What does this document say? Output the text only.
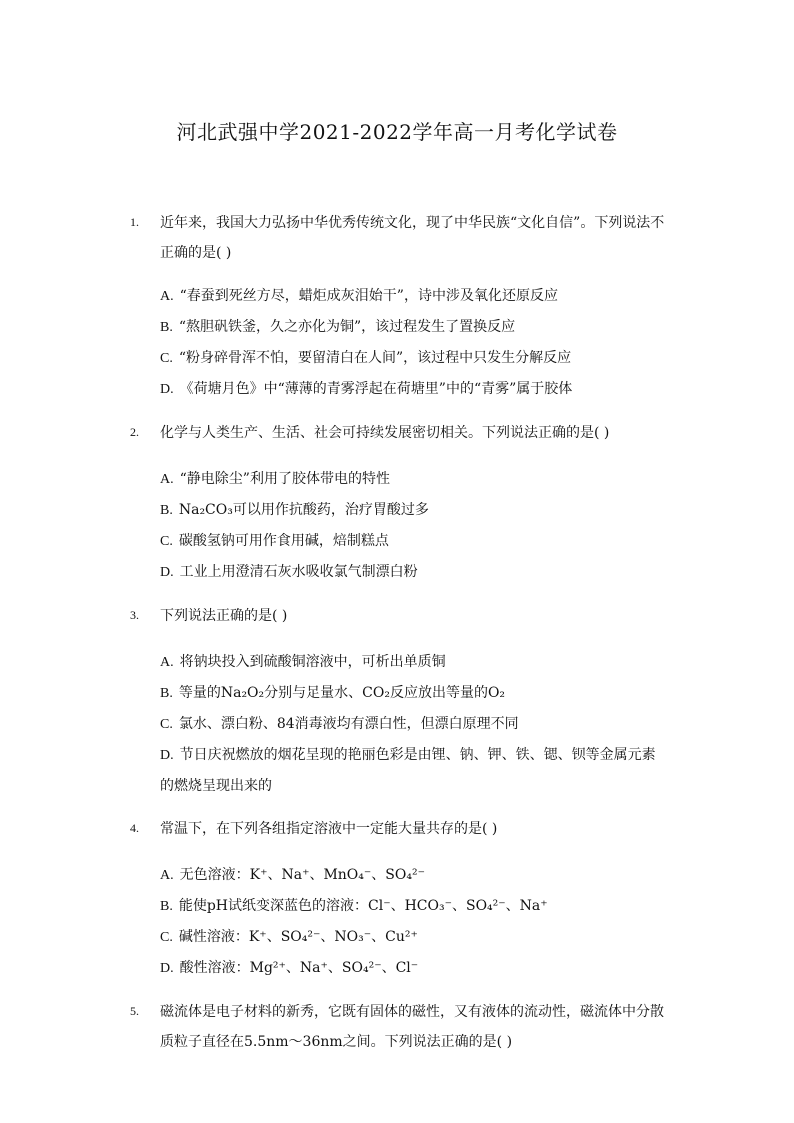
河北武强中学2021-2022学年高一月考化学试卷
1. 近年来，我国大力弘扬中华优秀传统文化，现了中华民族“文化自信”。下列说法不正确的是( )
A. “春蚕到死丝方尽，蜡炬成灰泪始干”，诗中涉及氧化还原反应
B. “熬胆矾铁釜，久之亦化为铜”，该过程发生了置换反应
C. “粉身碎骨浑不怕，要留清白在人间”，该过程中只发生分解反应
D. 《荷塘月色》中“薄薄的青雾浮起在荷塘里”中的“青雾”属于胶体
2. 化学与人类生产、生活、社会可持续发展密切相关。下列说法正确的是( )
A. “静电除尘”利用了胶体带电的特性
B. Na₂CO₃可以用作抗酸药，治疗胃酸过多
C. 碳酸氢钠可用作食用碱，焙制糕点
D. 工业上用澄清石灰水吸收氯气制漂白粉
3. 下列说法正确的是( )
A. 将钠块投入到硫酸铜溶液中，可析出单质铜
B. 等量的Na₂O₂分别与足量水、CO₂反应放出等量的O₂
C. 氯水、漂白粉、84消毒液均有漂白性，但漂白原理不同
D. 节日庆祝燃放的烟花呈现的艳丽色彩是由锂、钠、钾、铁、锶、钡等金属元素的燃烧呈现出来的
4. 常温下，在下列各组指定溶液中一定能大量共存的是( )
A. 无色溶液：K⁺、Na⁺、MnO₄⁻、SO₄²⁻
B. 能使pH试纸变深蓝色的溶液：Cl⁻、HCO₃⁻、SO₄²⁻、Na⁺
C. 碱性溶液：K⁺、SO₄²⁻、NO₃⁻、Cu²⁺
D. 酸性溶液：Mg²⁺、Na⁺、SO₄²⁻、Cl⁻
5. 磁流体是电子材料的新秀，它既有固体的磁性，又有液体的流动性，磁流体中分散质粒子直径在5.5nm～36nm之间。下列说法正确的是( )
